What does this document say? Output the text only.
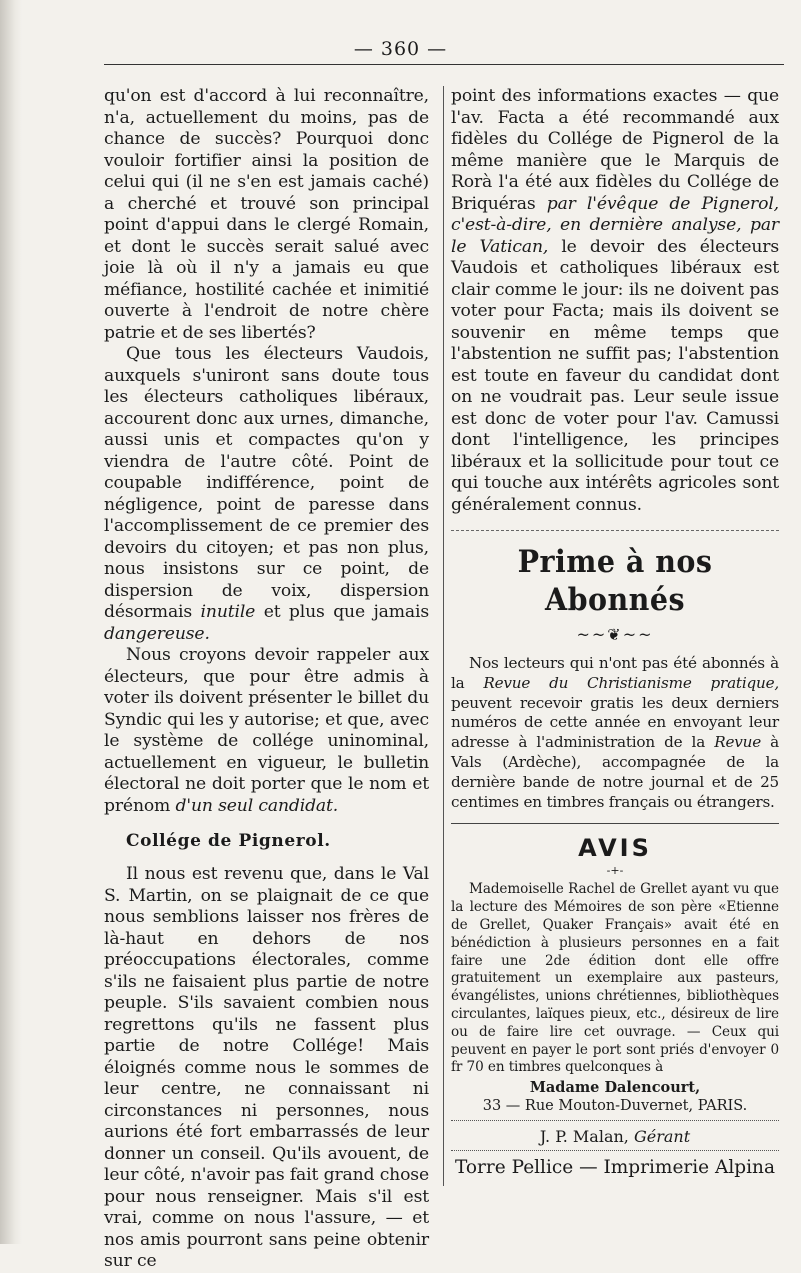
— 360 —

qu'on est d'accord à lui reconnaître, n'a, actuellement du moins, pas de chance de succès? Pourquoi donc vouloir fortifier ainsi la position de celui qui (il ne s'en est jamais caché) a cherché et trouvé son principal point d'appui dans le clergé Romain, et dont le succès serait salué avec joie là où il n'y a jamais eu que méfiance, hostilité cachée et inimitié ouverte à l'endroit de notre chère patrie et de ses libertés?

Que tous les électeurs Vaudois, auxquels s'uniront sans doute tous les électeurs catholiques libéraux, accourent donc aux urnes, dimanche, aussi unis et compactes qu'on y viendra de l'autre côté. Point de coupable indifférence, point de négligence, point de paresse dans l'accomplissement de ce premier des devoirs du citoyen; et pas non plus, nous insistons sur ce point, de dispersion de voix, dispersion désormais inutile et plus que jamais dangereuse.

Nous croyons devoir rappeler aux électeurs, que pour être admis à voter ils doivent présenter le billet du Syndic qui les y autorise; et que, avec le système de collége uninominal, actuellement en vigueur, le bulletin électoral ne doit porter que le nom et prénom d'un seul candidat.

Collége de Pignerol.

Il nous est revenu que, dans le Val S. Martin, on se plaignait de ce que nous semblions laisser nos frères de là-haut en dehors de nos préoccupations électorales, comme s'ils ne faisaient plus partie de notre peuple. S'ils savaient combien nous regrettons qu'ils ne fassent plus partie de notre Collége! Mais éloignés comme nous le sommes de leur centre, ne connaissant ni circonstances ni personnes, nous aurions été fort embarrassés de leur donner un conseil. Qu'ils avouent, de leur côté, n'avoir pas fait grand chose pour nous renseigner. Mais s'il est vrai, comme on nous l'assure, — et nos amis pourront sans peine obtenir sur ce

point des informations exactes — que l'av. Facta a été recommandé aux fidèles du Collége de Pignerol de la même manière que le Marquis de Rorà l'a été aux fidèles du Collége de Briquéras par l'évêque de Pignerol, c'est-à-dire, en dernière analyse, par le Vatican, le devoir des électeurs Vaudois et catholiques libéraux est clair comme le jour: ils ne doivent pas voter pour Facta; mais ils doivent se souvenir en même temps que l'abstention ne suffit pas; l'abstention est toute en faveur du candidat dont on ne voudrait pas. Leur seule issue est donc de voter pour l'av. Camussi dont l'intelligence, les principes libéraux et la sollicitude pour tout ce qui touche aux intérêts agricoles sont généralement connus.

Prime à nos Abonnés
~~❦~~

Nos lecteurs qui n'ont pas été abonnés à la Revue du Christianisme pratique, peuvent recevoir gratis les deux derniers numéros de cette année en envoyant leur adresse à l'administration de la Revue à Vals (Ardèche), accompagnée de la dernière bande de notre journal et de 25 centimes en timbres français ou étrangers.

AVIS
-+-

Mademoiselle Rachel de Grellet ayant vu que la lecture des Mémoires de son père «Etienne de Grellet, Quaker Français» avait été en bénédiction à plusieurs personnes en a fait faire une 2de édition dont elle offre gratuitement un exemplaire aux pasteurs, évangélistes, unions chrétiennes, bibliothèques circulantes, laïques pieux, etc., désireux de lire ou de faire lire cet ouvrage. — Ceux qui peuvent en payer le port sont priés d'envoyer 0 fr 70 en timbres quelconques à

Madame Dalencourt,
33 — Rue Mouton-Duvernet, PARIS.
J. P. Malan, Gérant
Torre Pellice — Imprimerie Alpina
